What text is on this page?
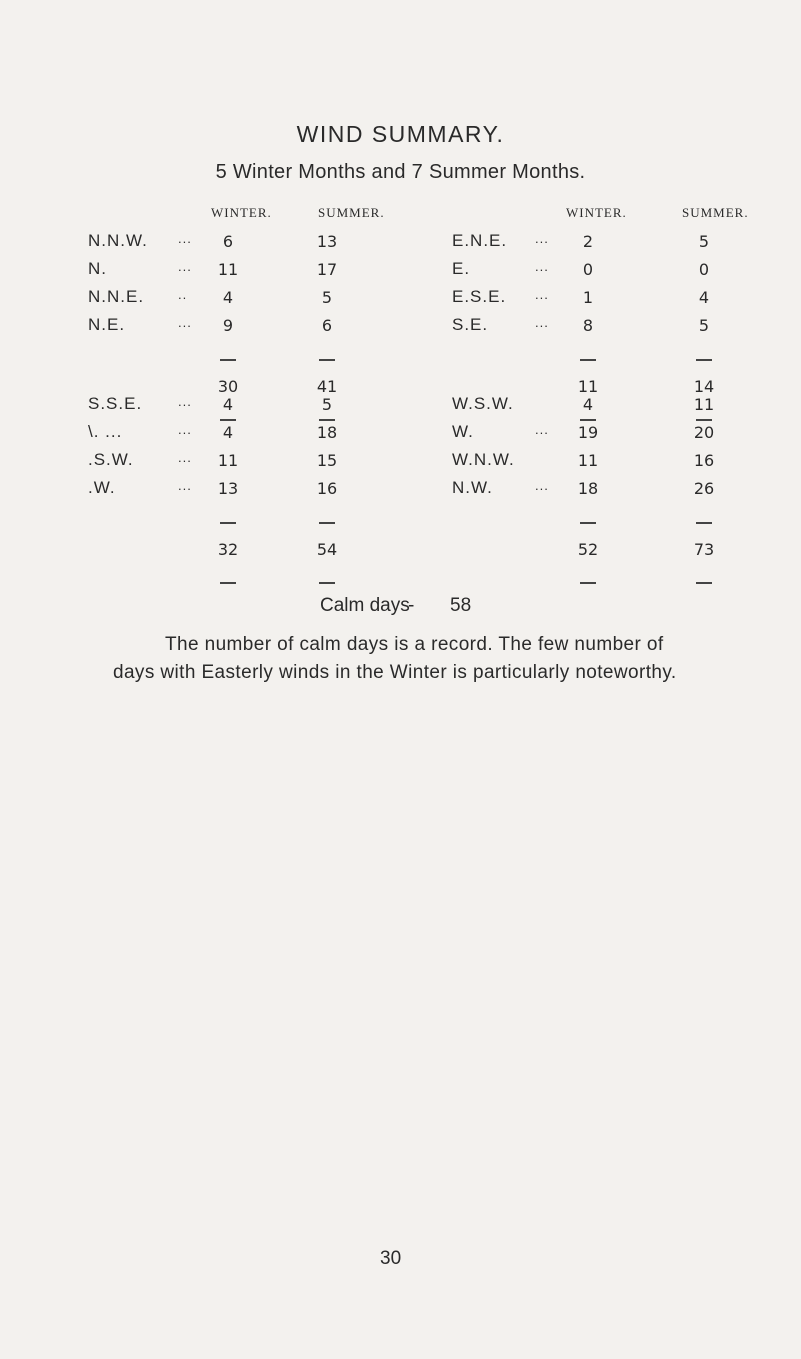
WIND SUMMARY.
5 Winter Months and 7 Summer Months.
WINTER.	SUMMER.	WINTER.	SUMMER.
N.N.W. ...	6	13	E.N.E. ...	2	5
N.	...	11	17	E.	...	0	0
N.N.E.	..	4	5	E.S.E. ...	1	4
N.E.	...	9	6	S.E.	...	8	5
30	41	11	14
S.S.E.	...	4	5	W.S.W.	4	11
\. ...	...	4	18	W.	...	19	20
.S.W.	...	11	15	W.N.W.	11	16
.W.	...	13	16	N.W.	...	18	26
32	54	52	73
Calm days
- 58
The number of calm days is a record. The few number of
days with Easterly winds in the Winter is particularly noteworthy.
30
